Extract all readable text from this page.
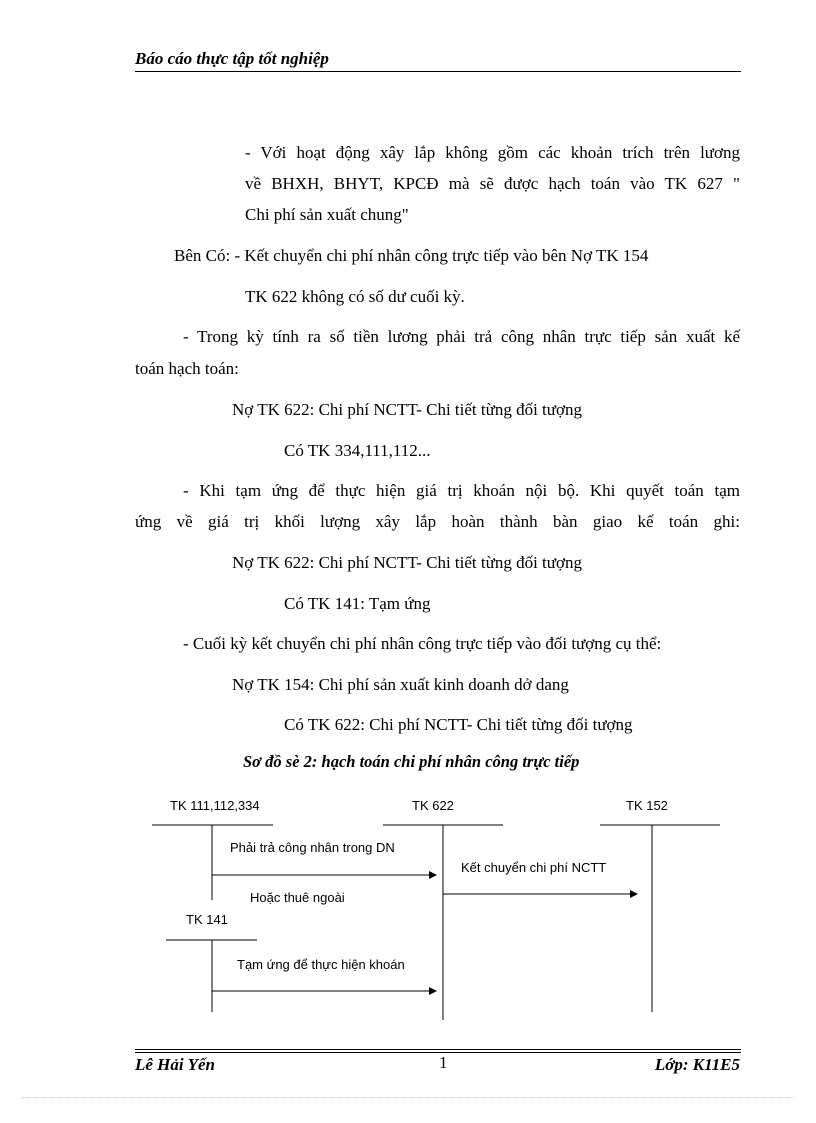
Báo cáo thực tập tốt nghiệp
- Với hoạt động xây lắp không gồm các khoản trích trên lương
về BHXH, BHYT, KPCĐ mà sẽ được hạch toán vào TK 627 "
Chi phí sản xuất chung"
Bên Có: - Kết chuyển chi phí nhân công trực tiếp vào bên Nợ TK 154
TK 622 không có số dư cuối kỳ.
- Trong kỳ tính ra số tiền lương phải trả công nhân trực tiếp sản xuất kế
toán hạch toán:
Nợ TK 622: Chi phí NCTT- Chi tiết từng đối tượng
Có TK 334,111,112...
- Khi tạm ứng để thực hiện giá trị khoán nội bộ. Khi quyết toán tạm
ứng về giá trị khối lượng xây lắp hoàn thành bàn giao kế toán ghi:
Nợ TK 622: Chi phí NCTT- Chi tiết từng đối tượng
Có TK 141: Tạm ứng
- Cuối kỳ kết chuyển chi phí nhân công trực tiếp vào đối tượng cụ thể:
Nợ TK 154: Chi phí sản xuất kinh doanh dở dang
Có TK 622: Chi phí NCTT- Chi tiết từng đối tượng
Sơ đồ sè 2: hạch toán chi phí nhân công trực tiếp
TK 111,112,334	TK 622	TK 152
TK 141
Phải trả công nhân trong DN
Hoặc thuê ngoài
Kết chuyển chi phí NCTT
Tạm ứng để thực hiện khoán
Lê Hải Yến	1	Lớp: K11E5
